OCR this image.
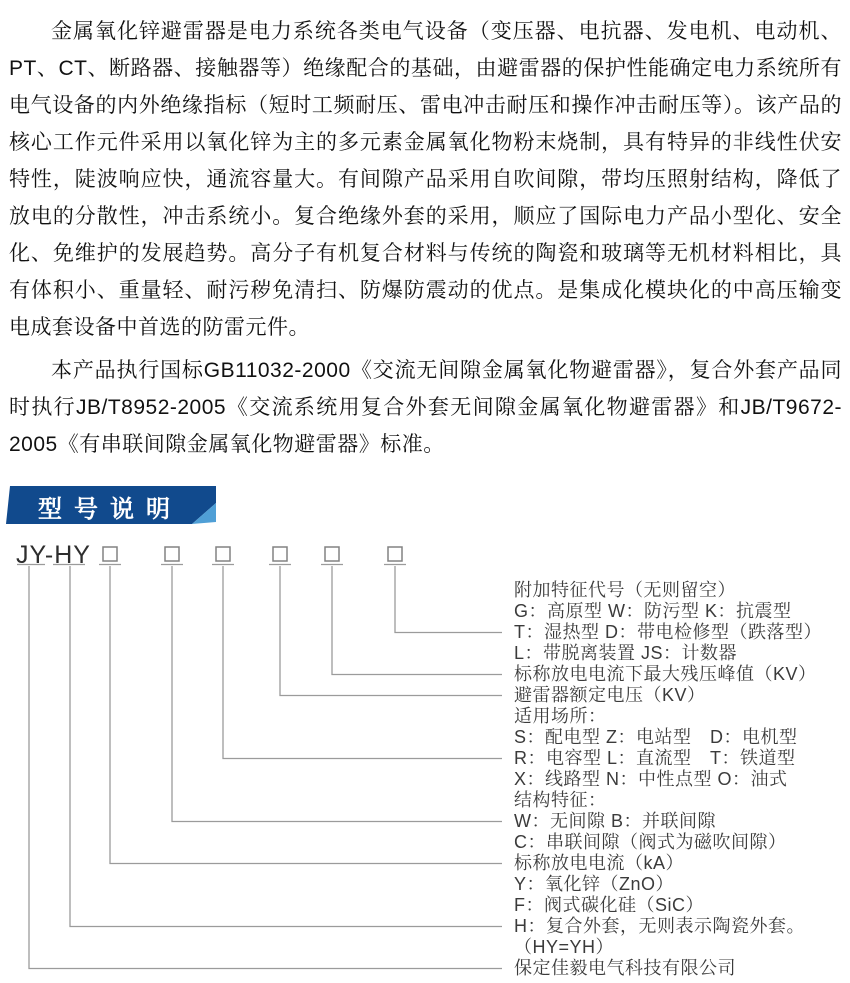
金属氧化锌避雷器是电力系统各类电气设备（变压器、电抗器、发电机、电动机、PT、CT、断路器、接触器等）绝缘配合的基础，由避雷器的保护性能确定电力系统所有电气设备的内外绝缘指标（短时工频耐压、雷电冲击耐压和操作冲击耐压等）。该产品的核心工作元件采用以氧化锌为主的多元素金属氧化物粉末烧制，具有特异的非线性伏安特性，陡波响应快，通流容量大。有间隙产品采用自吹间隙，带均压照射结构，降低了放电的分散性，冲击系统小。复合绝缘外套的采用，顺应了国际电力产品小型化、安全化、免维护的发展趋势。高分子有机复合材料与传统的陶瓷和玻璃等无机材料相比，具有体积小、重量轻、耐污秽免清扫、防爆防震动的优点。是集成化模块化的中高压输变电成套设备中首选的防雷元件。

本产品执行国标GB11032-2000《交流无间隙金属氧化物避雷器》，复合外套产品同时执行JB/T8952-2005《交流系统用复合外套无间隙金属氧化物避雷器》和JB/T9672-2005《有串联间隙金属氧化物避雷器》标准。

型号说明
JY-HY
附加特征代号（无则留空）
G：高原型 W：防污型 K：抗震型
T：湿热型 D：带电检修型（跌落型）
L：带脱离装置 JS：计数器
标称放电电流下最大残压峰值（KV）
避雷器额定电压（KV）
适用场所：
S：配电型 Z：电站型　D：电机型
R：电容型 L：直流型　T：铁道型
X：线路型 N：中性点型 O：油式
结构特征：
W：无间隙 B：并联间隙
C：串联间隙（阀式为磁吹间隙）
标称放电电流（kA）
Y：氧化锌（ZnO）
F：阀式碳化硅（SiC）
H：复合外套，无则表示陶瓷外套。
（HY=YH）
保定佳毅电气科技有限公司
